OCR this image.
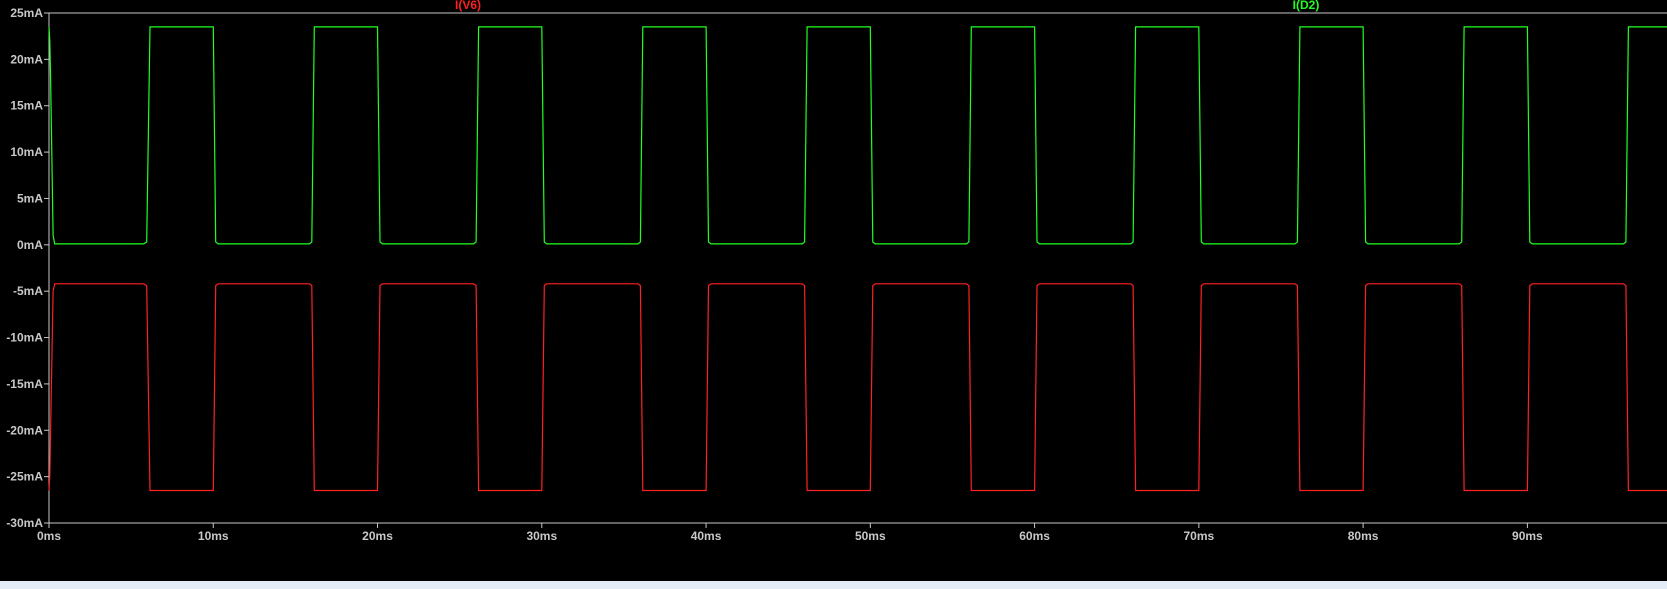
25mA
20mA
15mA
10mA
5mA
0mA
-5mA
-10mA
-15mA
-20mA
-25mA
-30mA
0ms	10ms	20ms	30ms	40ms	50ms	60ms	70ms	80ms	90ms
I(V6)	I(D2)
